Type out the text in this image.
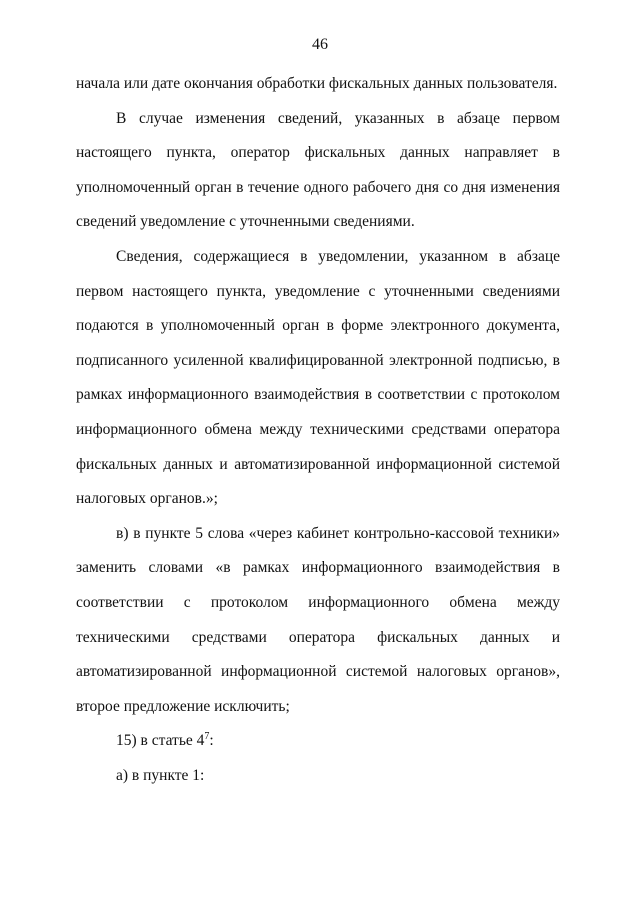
46

начала или дате окончания обработки фискальных данных пользователя.

В случае изменения сведений, указанных в абзаце первом настоящего пункта, оператор фискальных данных направляет в уполномоченный орган в течение одного рабочего дня со дня изменения сведений уведомление с уточненными сведениями.

Сведения, содержащиеся в уведомлении, указанном в абзаце первом настоящего пункта, уведомление с уточненными сведениями подаются в уполномоченный орган в форме электронного документа, подписанного усиленной квалифицированной электронной подписью, в рамках информационного взаимодействия в соответствии с протоколом информационного обмена между техническими средствами оператора фискальных данных и автоматизированной информационной системой налоговых органов.»;

в) в пункте 5 слова «через кабинет контрольно-кассовой техники» заменить словами «в рамках информационного взаимодействия в соответствии с протоколом информационного обмена между техническими средствами оператора фискальных данных и автоматизированной информационной системой налоговых органов», второе предложение исключить;

15) в статье $4^7$:

а) в пункте 1:
